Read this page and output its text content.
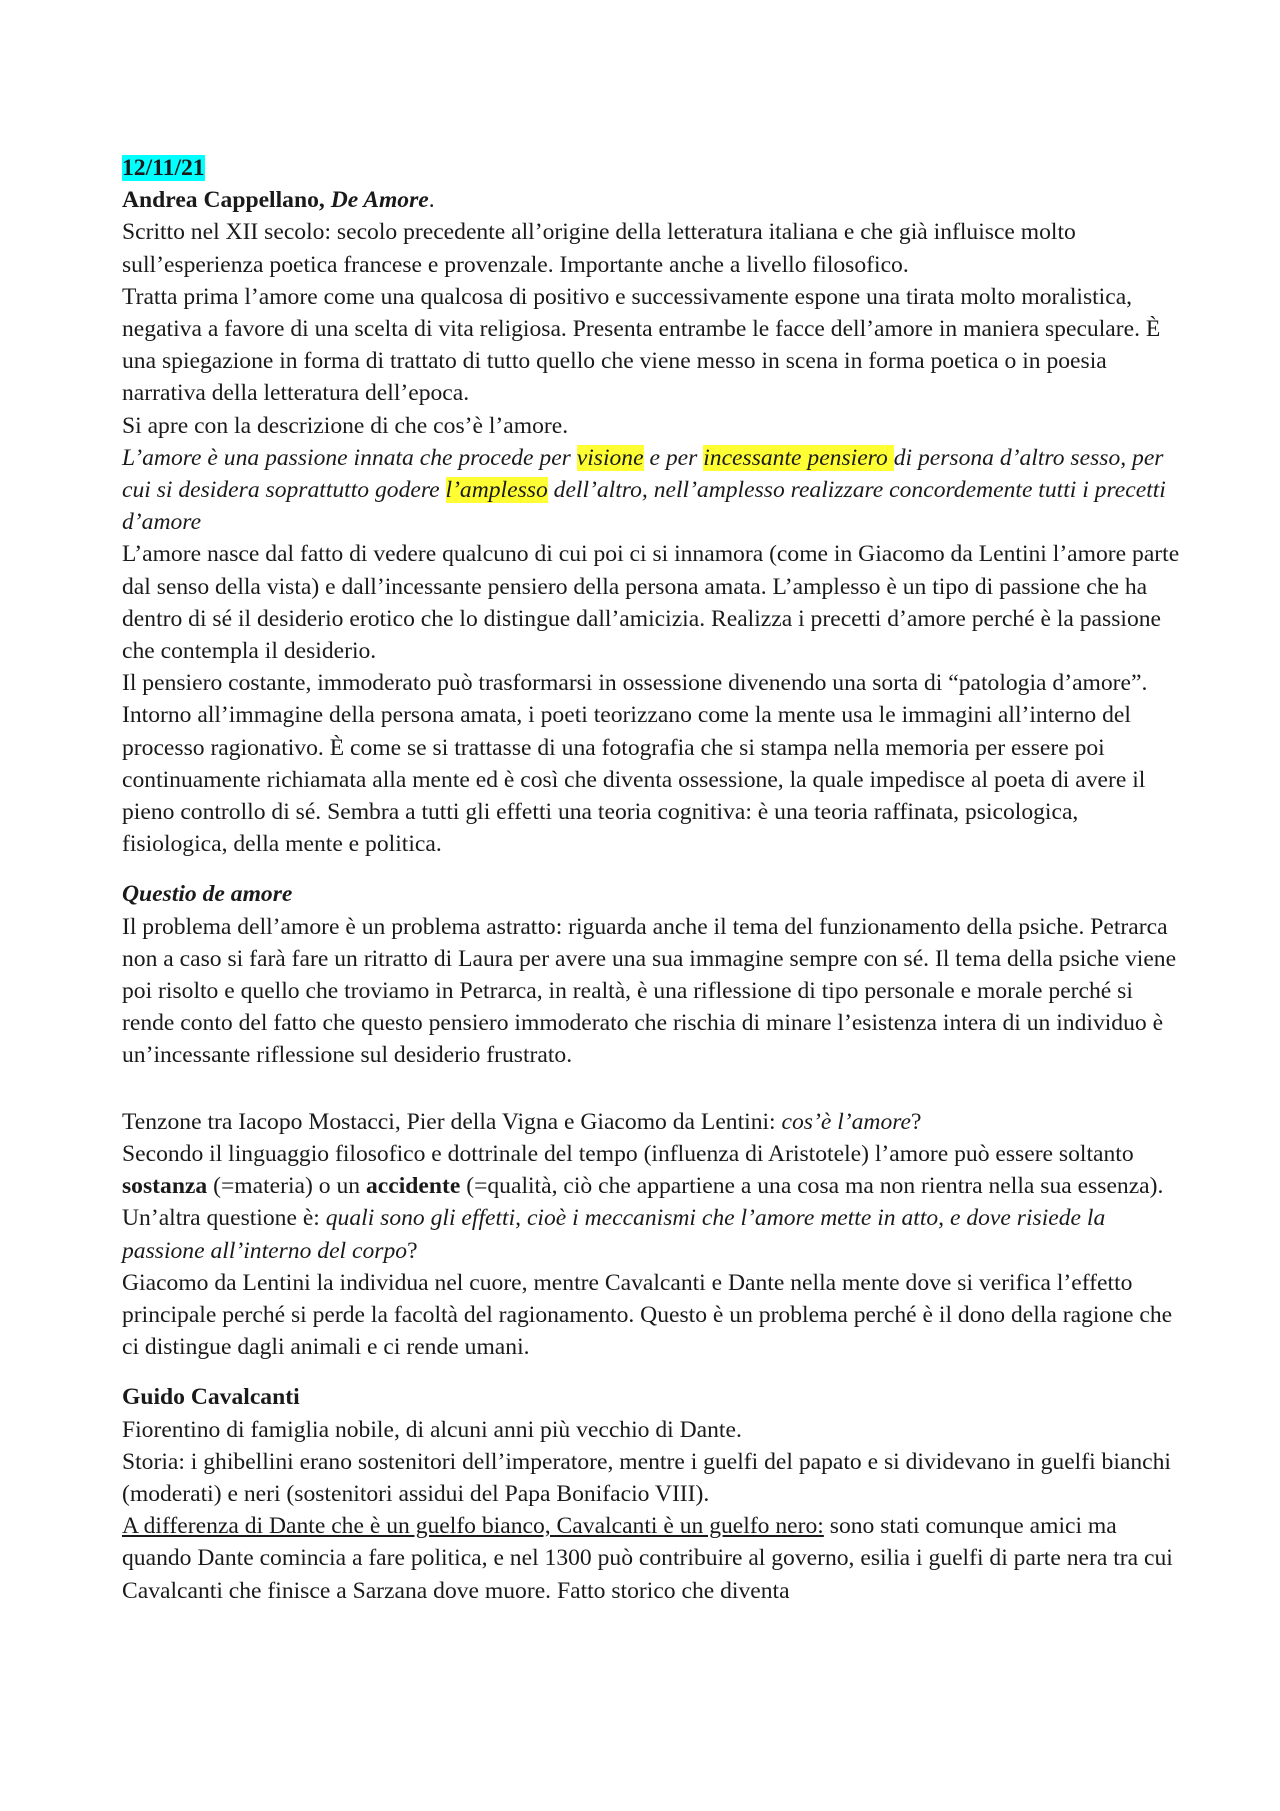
12/11/21

Andrea Cappellano, De Amore.

Scritto nel XII secolo: secolo precedente all’origine della letteratura italiana e che già influisce molto sull’esperienza poetica francese e provenzale. Importante anche a livello filosofico.

Tratta prima l’amore come una qualcosa di positivo e successivamente espone una tirata molto moralistica, negativa a favore di una scelta di vita religiosa. Presenta entrambe le facce dell’amore in maniera speculare. È una spiegazione in forma di trattato di tutto quello che viene messo in scena in forma poetica o in poesia narrativa della letteratura dell’epoca.

Si apre con la descrizione di che cos’è l’amore.

L’amore è una passione innata che procede per visione e per incessante pensiero di persona d’altro sesso, per cui si desidera soprattutto godere l’amplesso dell’altro, nell’amplesso realizzare concordemente tutti i precetti d’amore

L’amore nasce dal fatto di vedere qualcuno di cui poi ci si innamora (come in Giacomo da Lentini l’amore parte dal senso della vista) e dall’incessante pensiero della persona amata. L’amplesso è un tipo di passione che ha dentro di sé il desiderio erotico che lo distingue dall’amicizia. Realizza i precetti d’amore perché è la passione che contempla il desiderio.

Il pensiero costante, immoderato può trasformarsi in ossessione divenendo una sorta di “patologia d’amore”. Intorno all’immagine della persona amata, i poeti teorizzano come la mente usa le immagini all’interno del processo ragionativo. È come se si trattasse di una fotografia che si stampa nella memoria per essere poi continuamente richiamata alla mente ed è così che diventa ossessione, la quale impedisce al poeta di avere il pieno controllo di sé. Sembra a tutti gli effetti una teoria cognitiva: è una teoria raffinata, psicologica, fisiologica, della mente e politica.

Questio de amore

Il problema dell’amore è un problema astratto: riguarda anche il tema del funzionamento della psiche. Petrarca non a caso si farà fare un ritratto di Laura per avere una sua immagine sempre con sé. Il tema della psiche viene poi risolto e quello che troviamo in Petrarca, in realtà, è una riflessione di tipo personale e morale perché si rende conto del fatto che questo pensiero immoderato che rischia di minare l’esistenza intera di un individuo è un’incessante riflessione sul desiderio frustrato.

Tenzone tra Iacopo Mostacci, Pier della Vigna e Giacomo da Lentini: cos’è l’amore?

Secondo il linguaggio filosofico e dottrinale del tempo (influenza di Aristotele) l’amore può essere soltanto sostanza (=materia) o un accidente (=qualità, ciò che appartiene a una cosa ma non rientra nella sua essenza).

Un’altra questione è: quali sono gli effetti, cioè i meccanismi che l’amore mette in atto, e dove risiede la passione all’interno del corpo?

Giacomo da Lentini la individua nel cuore, mentre Cavalcanti e Dante nella mente dove si verifica l’effetto principale perché si perde la facoltà del ragionamento. Questo è un problema perché è il dono della ragione che ci distingue dagli animali e ci rende umani.

Guido Cavalcanti

Fiorentino di famiglia nobile, di alcuni anni più vecchio di Dante.

Storia: i ghibellini erano sostenitori dell’imperatore, mentre i guelfi del papato e si dividevano in guelfi bianchi (moderati) e neri (sostenitori assidui del Papa Bonifacio VIII).

A differenza di Dante che è un guelfo bianco, Cavalcanti è un guelfo nero: sono stati comunque amici ma quando Dante comincia a fare politica, e nel 1300 può contribuire al governo, esilia i guelfi di parte nera tra cui Cavalcanti che finisce a Sarzana dove muore. Fatto storico che diventa
